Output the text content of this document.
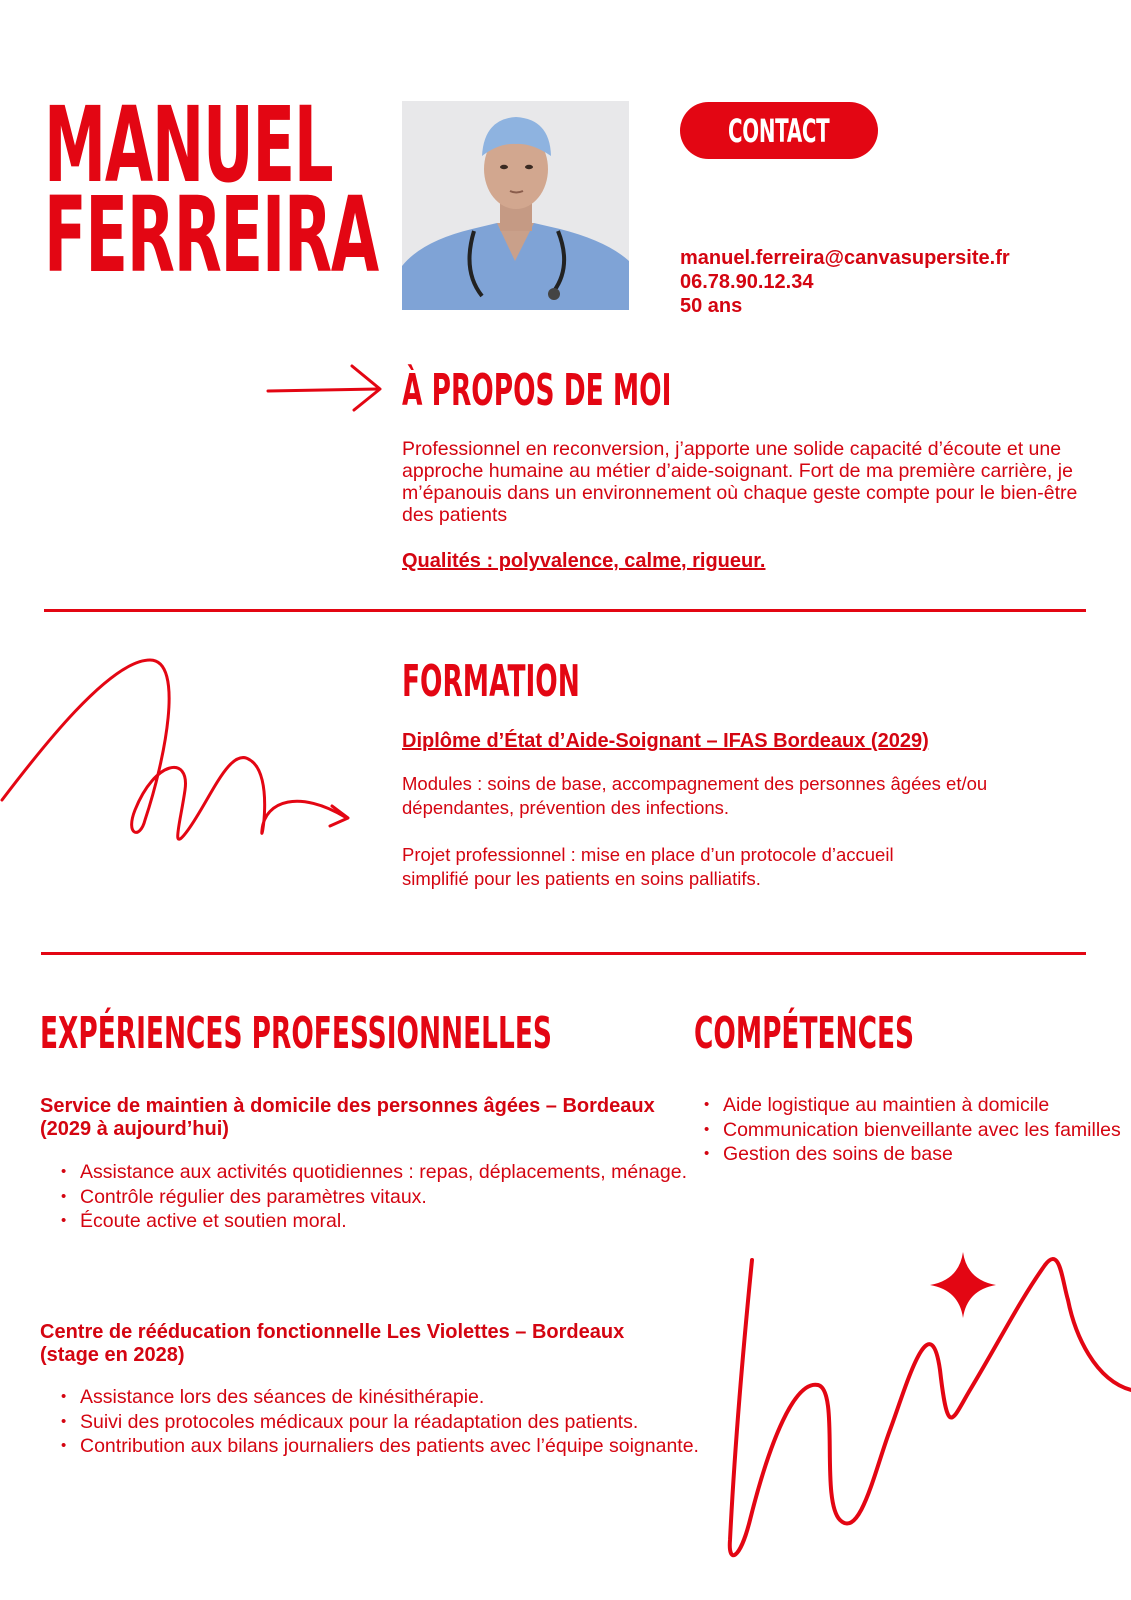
MANUEL
FERREIRA
CONTACT
manuel.ferreira@canvasupersite.fr
06.78.90.12.34
50 ans
À PROPOS DE MOI
Professionnel en reconversion, j’apporte une solide capacité d’écoute et une approche humaine au métier d’aide-soignant. Fort de ma première carrière, je m’épanouis dans un environnement où chaque geste compte pour le bien-être des patients
Qualités : polyvalence, calme, rigueur.
FORMATION
Diplôme d’État d’Aide-Soignant – IFAS Bordeaux (2029)
Modules : soins de base, accompagnement des personnes âgées et/ou dépendantes, prévention des infections.
Projet professionnel : mise en place d’un protocole d’accueil simplifié pour les patients en soins palliatifs.
EXPÉRIENCES PROFESSIONNELLES
Service de maintien à domicile des personnes âgées – Bordeaux (2029 à aujourd’hui)
• Assistance aux activités quotidiennes : repas, déplacements, ménage.
• Contrôle régulier des paramètres vitaux.
• Écoute active et soutien moral.
Centre de rééducation fonctionnelle Les Violettes – Bordeaux (stage en 2028)
• Assistance lors des séances de kinésithérapie.
• Suivi des protocoles médicaux pour la réadaptation des patients.
• Contribution aux bilans journaliers des patients avec l’équipe soignante.
COMPÉTENCES
• Aide logistique au maintien à domicile
• Communication bienveillante avec les familles
• Gestion des soins de base
